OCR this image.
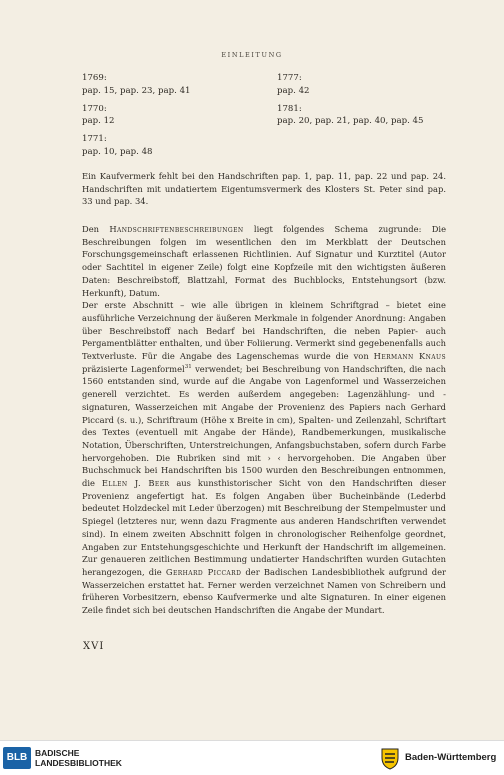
EINLEITUNG
1769:
pap. 15, pap. 23, pap. 41
1770:
pap. 12
1771:
pap. 10, pap. 48
1777:
pap. 42
1781:
pap. 20, pap. 21, pap. 40, pap. 45

Ein Kaufvermerk fehlt bei den Handschriften pap. 1, pap. 11, pap. 22 und pap. 24. Handschriften mit undatiertem Eigentumsvermerk des Klosters St. Peter sind pap. 33 und pap. 34.

Den Handschriftenbeschreibungen liegt folgendes Schema zugrunde: Die Beschreibungen folgen im wesentlichen den im Merkblatt der Deutschen Forschungsgemeinschaft erlassenen Richtlinien. Auf Signatur und Kurztitel (Autor oder Sachtitel in eigener Zeile) folgt eine Kopfzeile mit den wichtigsten äußeren Daten: Beschreibstoff, Blattzahl, Format des Buchblocks, Entstehungsort (bzw. Herkunft), Datum.

Der erste Abschnitt – wie alle übrigen in kleinem Schriftgrad – bietet eine ausführliche Verzeichnung der äußeren Merkmale in folgender Anordnung: Angaben über Beschreibstoff nach Bedarf bei Handschriften, die neben Papier- auch Pergamentblätter enthalten, und über Foliierung. Vermerkt sind gegebenenfalls auch Textverluste. Für die Angabe des Lagenschemas wurde die von Hermann Knaus präzisierte Lagenformel$^{31}$ verwendet; bei Beschreibung von Handschriften, die nach 1560 entstanden sind, wurde auf die Angabe von Lagenformel und Wasserzeichen generell verzichtet. Es werden außerdem angegeben: Lagenzählung- und -signaturen, Wasserzeichen mit Angabe der Provenienz des Papiers nach Gerhard Piccard (s. u.), Schriftraum (Höhe x Breite in cm), Spalten- und Zeilenzahl, Schriftart des Textes (eventuell mit Angabe der Hände), Randbemerkungen, musikalische Notation, Überschriften, Unterstreichungen, Anfangsbuchstaben, sofern durch Farbe hervorgehoben. Die Rubriken sind mit › ‹ hervorgehoben. Die Angaben über Buchschmuck bei Handschriften bis 1500 wurden den Beschreibungen entnommen, die Ellen J. Beer aus kunsthistorischer Sicht von den Handschriften dieser Provenienz angefertigt hat. Es folgen Angaben über Bucheinbände (Lederbd bedeutet Holzdeckel mit Leder überzogen) mit Beschreibung der Stempelmuster und Spiegel (letzteres nur, wenn dazu Fragmente aus anderen Handschriften verwendet sind). In einem zweiten Abschnitt folgen in chronologischer Reihenfolge geordnet, Angaben zur Entstehungsgeschichte und Herkunft der Handschrift im allgemeinen. Zur genaueren zeitlichen Bestimmung undatierter Handschriften wurden Gutachten herangezogen, die Gerhard Piccard der Badischen Landesbibliothek aufgrund der Wasserzeichen erstattet hat. Ferner werden verzeichnet Namen von Schreibern und früheren Vorbesitzern, ebenso Kaufvermerke und alte Signaturen. In einer eigenen Zeile findet sich bei deutschen Handschriften die Angabe der Mundart.

XVI
BLB BADISCHE
LANDESBIBLIOTHEK	Baden-Württemberg
